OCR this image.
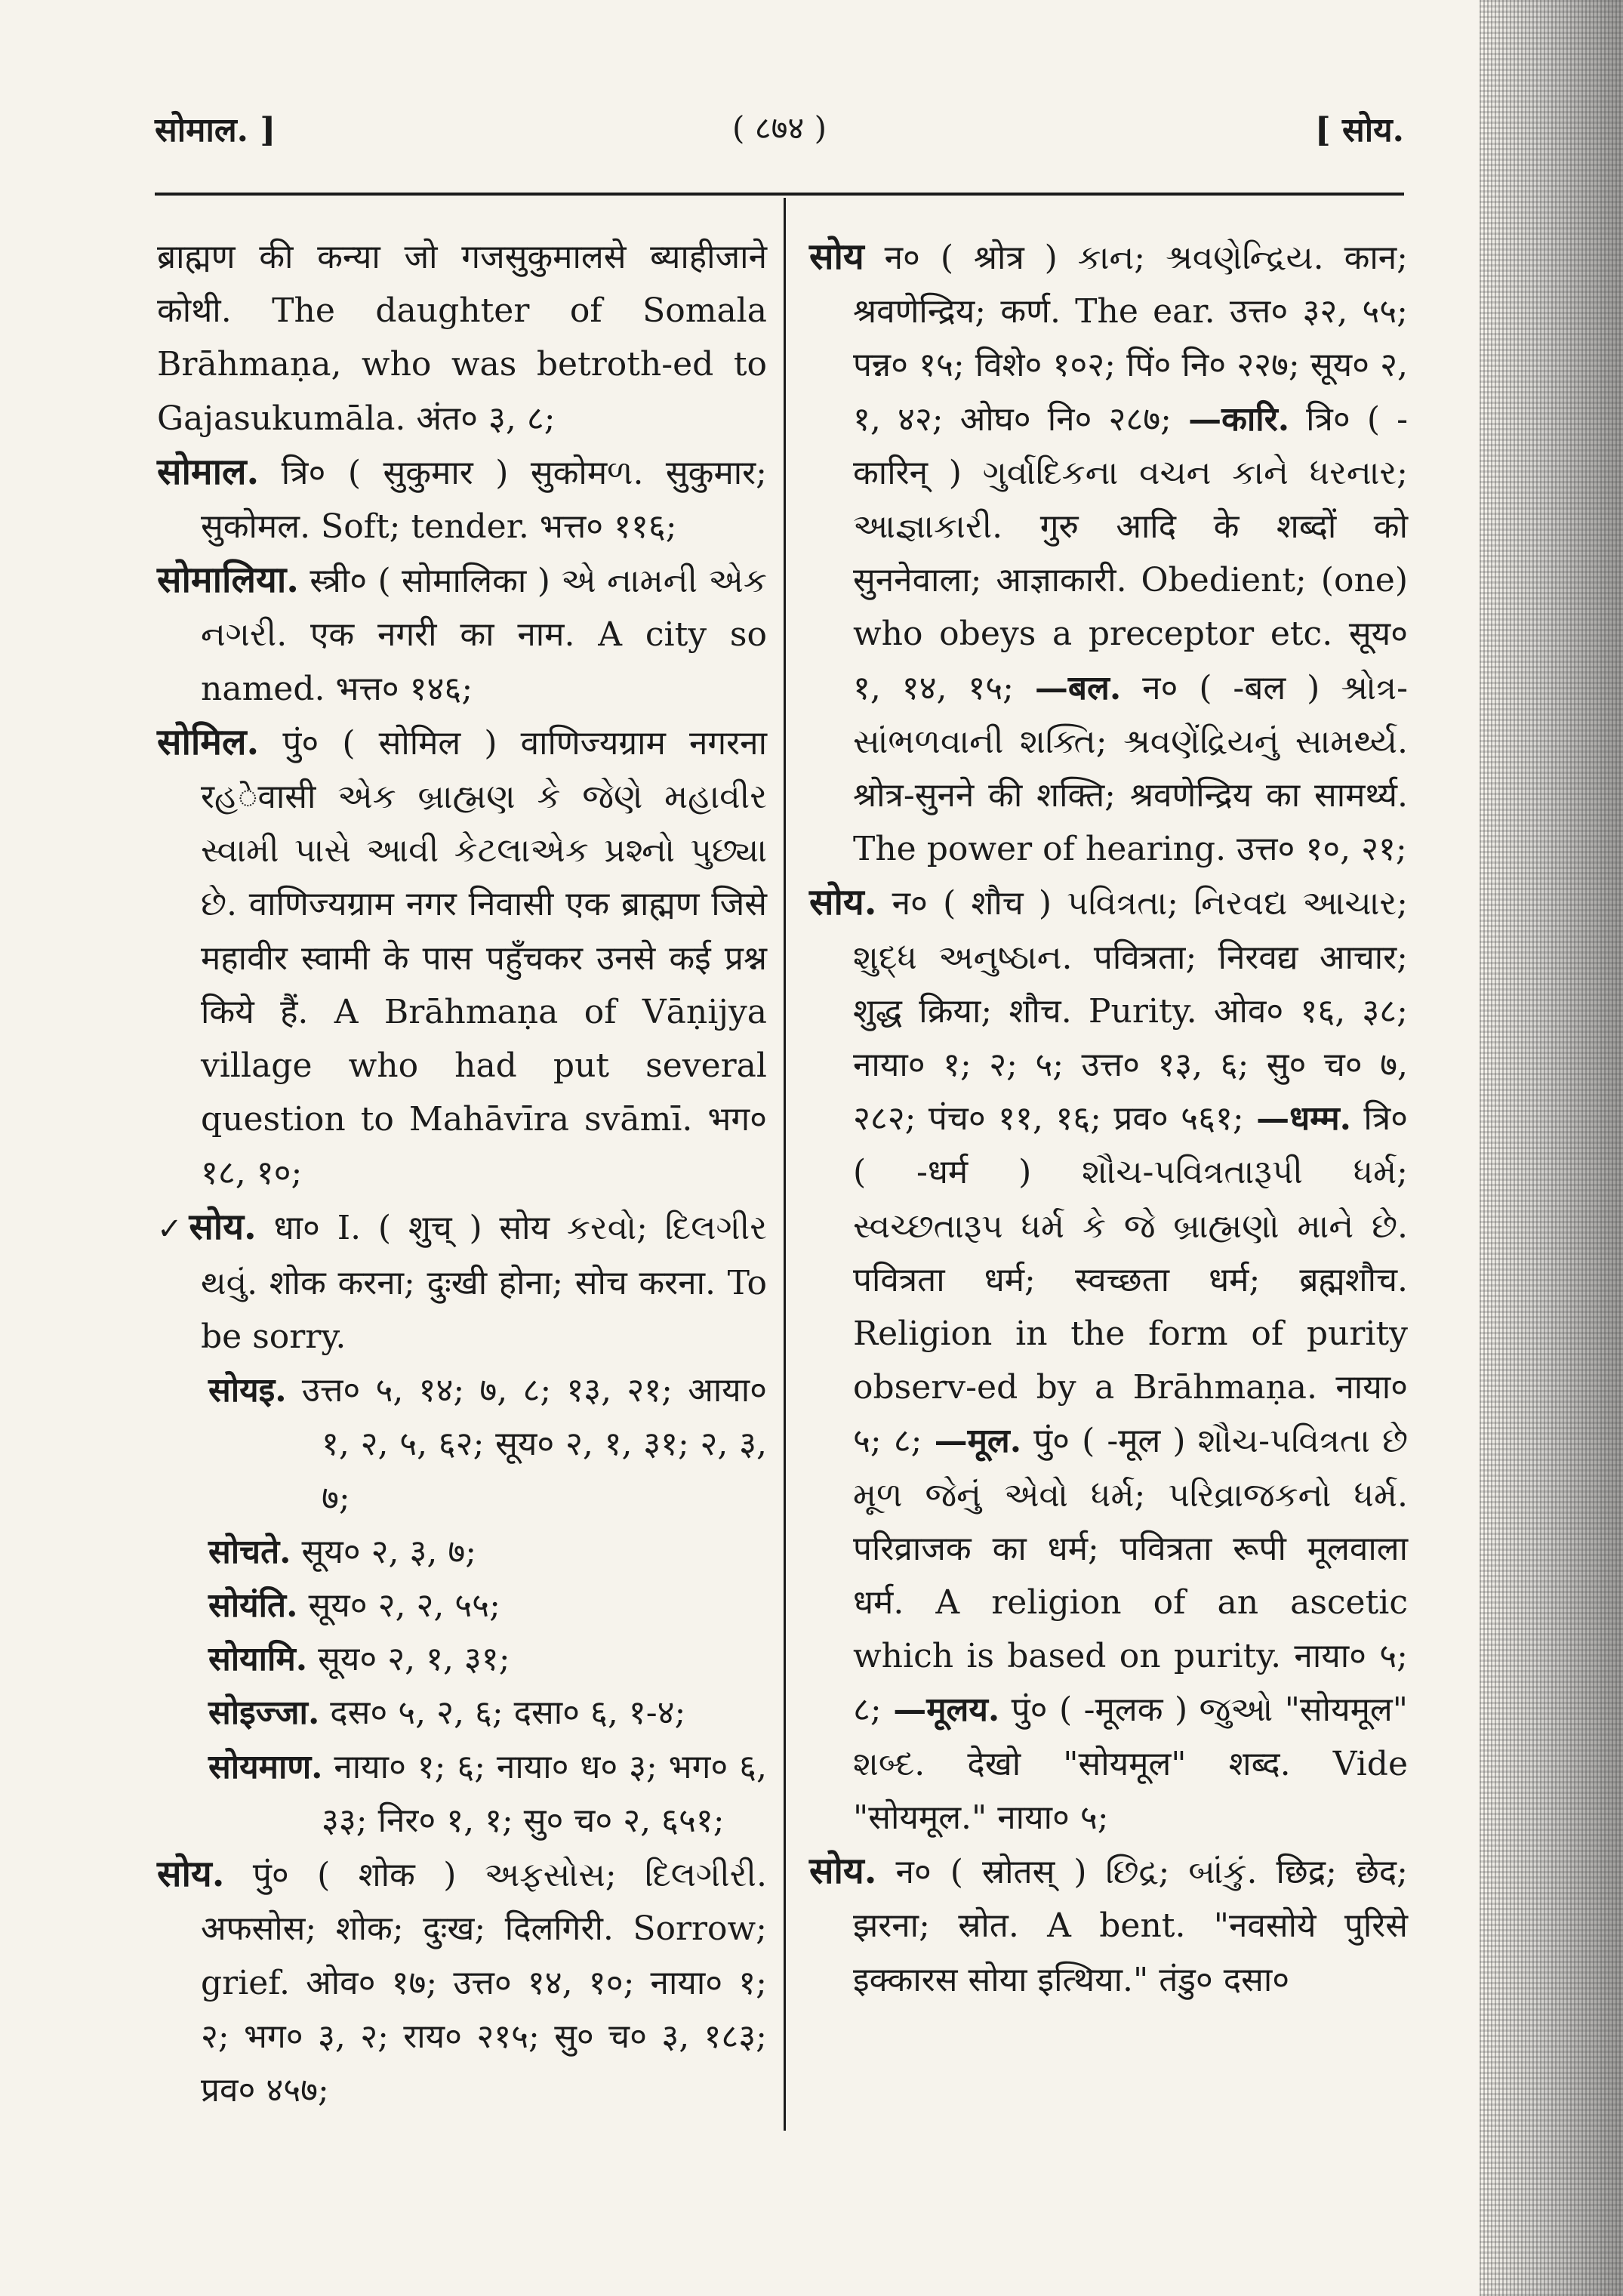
सोमाल. ]	( ८७४ )	[ सोय.

ब्राह्मण की कन्या जो गजसुकुमालसे ब्याहीजाने कोथी. The daughter of Somala Brāhmaṇa, who was betroth-ed to Gajasukumāla. अंत० ३, ८;

सोमाल. त्रि० ( सुकुमार ) सुकोमળ. सुकुमार; सुकोमल. Soft; tender. भत्त० ११६;

सोमालिया. स्त्री० ( सोमालिका ) એ નામની એક નગરી. एक नगरी का नाम. A city so named. भत्त० १४६;

सोमिल. पुं० ( सोमिल ) वाणिज्यग्राम नगरना रહेवासी એક બ્રાહ્મણ કે જેણે મહાવીર સ્વામી પાસે આવી કેટલાએક પ્રશ્નો પુછ્યા છે. वाणिज्यग्राम नगर निवासी एक ब्राह्मण जिसे महावीर स्वामी के पास पहुँचकर उनसे कई प्रश्न किये हैं. A Brāhmaṇa of Vāṇijya village who had put several question to Mahāvīra svāmī. भग० १८, १०;

✓सोय. धा० I. ( शुच् ) सोय કરવો; દિલગીર થવું. शोक करना; दुःखी होना; सोच करना. To be sorry.

सोयइ. उत्त० ५, १४; ७, ८; १३, २१; आया० १, २, ५, ६२; सूय० २, १, ३१; २, ३, ७;

सोचते. सूय० २, ३, ७;

सोयंति. सूय० २, २, ५५;

सोयामि. सूय० २, १, ३१;

सोइज्जा. दस० ५, २, ६; दसा० ६, १-४;

सोयमाण. नाया० १; ६; नाया० ध० ३; भग० ६, ३३; निर० १, १; सु० च० २, ६५१;

सोय. पुं० ( शोक ) અફસોસ; દિલગીરી. अफसोस; शोक; दुःख; दिलगिरी. Sorrow; grief. ओव० १७; उत्त० १४, १०; नाया० १; २; भग० ३, २; राय० २१५; सु० च० ३, १८३; प्रव० ४५७;

सोय न० ( श्रोत्र ) કાન; શ્રવણેન્દ્રિય. कान; श्रवणेन्द्रिय; कर्ण. The ear. उत्त० ३२, ५५; पन्न० १५; विशे० १०२; पिं० नि० २२७; सूय० २, १, ४२; ओघ० नि० २८७; —कारि. त्रि० ( -कारिन् ) ગુર્વાદિકના વચન કાને ધરનાર; આજ્ઞાકારી. गुरु आदि के शब्दों को सुननेवाला; आज्ञाकारी. Obedient; (one) who obeys a preceptor etc. सूय० १, १४, १५; —बल. न० ( -बल ) શ્રોત્ર-સાંભળવાની શક્તિ; શ્રવણેંદ્રિયનું સામર્થ્ય. श्रोत्र-सुनने की शक्ति; श्रवणेन्द्रिय का सामर्थ्य. The power of hearing. उत्त० १०, २१;

सोय. न० ( शौच ) પવિત્રતા; નિરવદ્ય આચાર; શુદ્ધ અનુષ્ઠાન. पवित्रता; निरवद्य आचार; शुद्ध क्रिया; शौच. Purity. ओव० १६, ३८; नाया० १; २; ५; उत्त० १३, ६; सु० च० ७, २८२; पंच० ११, १६; प्रव० ५६१; —धम्म. त्रि० ( -धर्म ) શૌચ-પવિત્રતારૂપી ધર્મ; સ્વચ્છતારૂપ ધર્મ કે જે બ્રાહ્મણો માને છે. पवित्रता धर्म; स्वच्छता धर्म; ब्रह्मशौच. Religion in the form of purity observ-ed by a Brāhmaṇa. नाया० ५; ८; —मूल. पुं० ( -मूल ) શૌચ-પવિત્રતા છે મૂળ જેનું એવો ધર્મ; પરિવ્રાજકનો ધર્મ. परिव्राजक का धर्म; पवित्रता रूपी मूलवाला धर्म. A religion of an ascetic which is based on purity. नाया० ५; ८; —मूलय. पुं० ( -मूलक ) જુઓ "सोयमूल" શબ્દ. देखो "सोयमूल" शब्द. Vide "सोयमूल." नाया० ५;

सोय. न० ( स्रोतस् ) છિદ્ર; બાંકું. छिद्र; छेद; झरना; स्रोत. A bent. "नवसोये पुरिसे इक्कारस सोया इत्थिया." तंडु० दसा०
